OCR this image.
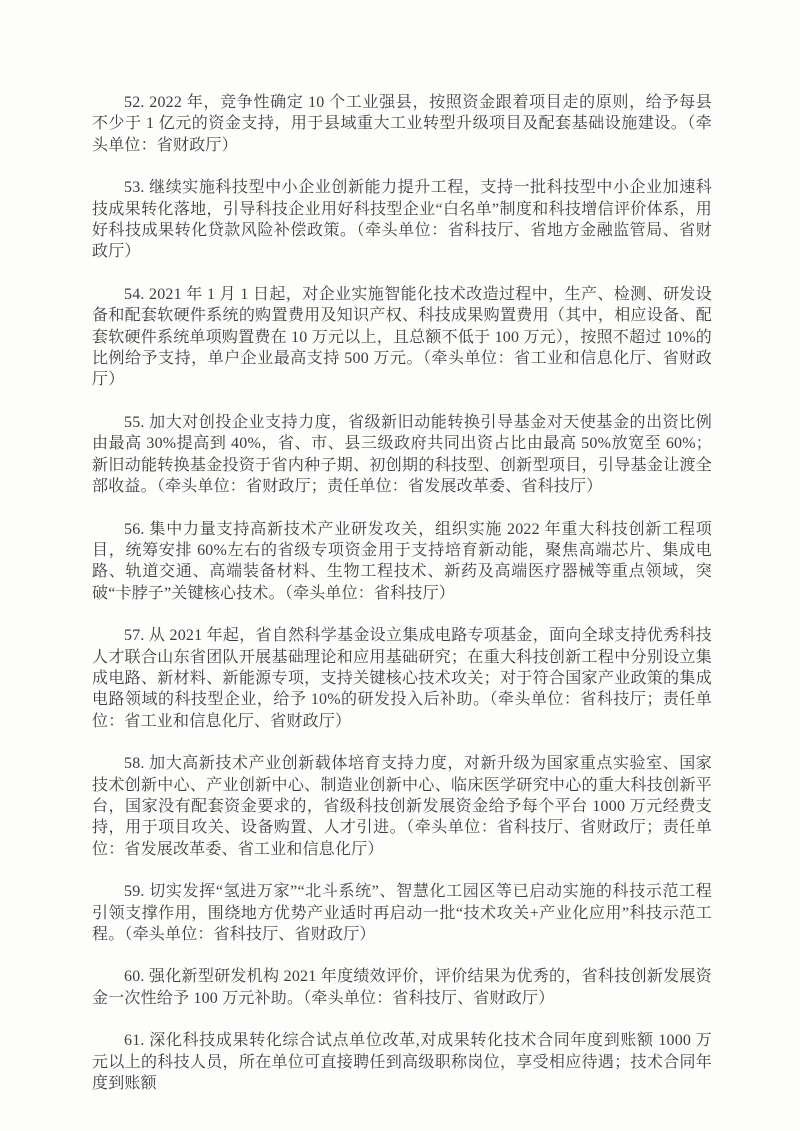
52. 2022 年，竞争性确定 10 个工业强县，按照资金跟着项目走的原则，给予每县不少于 1 亿元的资金支持，用于县域重大工业转型升级项目及配套基础设施建设。（牵头单位：省财政厅）

53. 继续实施科技型中小企业创新能力提升工程，支持一批科技型中小企业加速科技成果转化落地，引导科技企业用好科技型企业“白名单”制度和科技增信评价体系，用好科技成果转化贷款风险补偿政策。（牵头单位：省科技厅、省地方金融监管局、省财政厅）

54. 2021 年 1 月 1 日起，对企业实施智能化技术改造过程中，生产、检测、研发设备和配套软硬件系统的购置费用及知识产权、科技成果购置费用（其中，相应设备、配套软硬件系统单项购置费在 10 万元以上，且总额不低于 100 万元），按照不超过 10%的比例给予支持，单户企业最高支持 500 万元。（牵头单位：省工业和信息化厅、省财政厅）

55. 加大对创投企业支持力度，省级新旧动能转换引导基金对天使基金的出资比例由最高 30%提高到 40%，省、市、县三级政府共同出资占比由最高 50%放宽至 60%；新旧动能转换基金投资于省内种子期、初创期的科技型、创新型项目，引导基金让渡全部收益。（牵头单位：省财政厅；责任单位：省发展改革委、省科技厅）

56. 集中力量支持高新技术产业研发攻关，组织实施 2022 年重大科技创新工程项目，统筹安排 60%左右的省级专项资金用于支持培育新动能，聚焦高端芯片、集成电路、轨道交通、高端装备材料、生物工程技术、新药及高端医疗器械等重点领域，突破“卡脖子”关键核心技术。（牵头单位：省科技厅）

57. 从 2021 年起，省自然科学基金设立集成电路专项基金，面向全球支持优秀科技人才联合山东省团队开展基础理论和应用基础研究；在重大科技创新工程中分别设立集成电路、新材料、新能源专项，支持关键核心技术攻关；对于符合国家产业政策的集成电路领域的科技型企业，给予 10%的研发投入后补助。（牵头单位：省科技厅；责任单位：省工业和信息化厅、省财政厅）

58. 加大高新技术产业创新载体培育支持力度，对新升级为国家重点实验室、国家技术创新中心、产业创新中心、制造业创新中心、临床医学研究中心的重大科技创新平台，国家没有配套资金要求的，省级科技创新发展资金给予每个平台 1000 万元经费支持，用于项目攻关、设备购置、人才引进。（牵头单位：省科技厅、省财政厅；责任单位：省发展改革委、省工业和信息化厅）

59. 切实发挥“氢进万家”“北斗系统”、智慧化工园区等已启动实施的科技示范工程引领支撑作用，围绕地方优势产业适时再启动一批“技术攻关+产业化应用”科技示范工程。（牵头单位：省科技厅、省财政厅）

60. 强化新型研发机构 2021 年度绩效评价，评价结果为优秀的，省科技创新发展资金一次性给予 100 万元补助。（牵头单位：省科技厅、省财政厅）

61. 深化科技成果转化综合试点单位改革,对成果转化技术合同年度到账额 1000 万元以上的科技人员，所在单位可直接聘任到高级职称岗位，享受相应待遇；技术合同年度到账额
